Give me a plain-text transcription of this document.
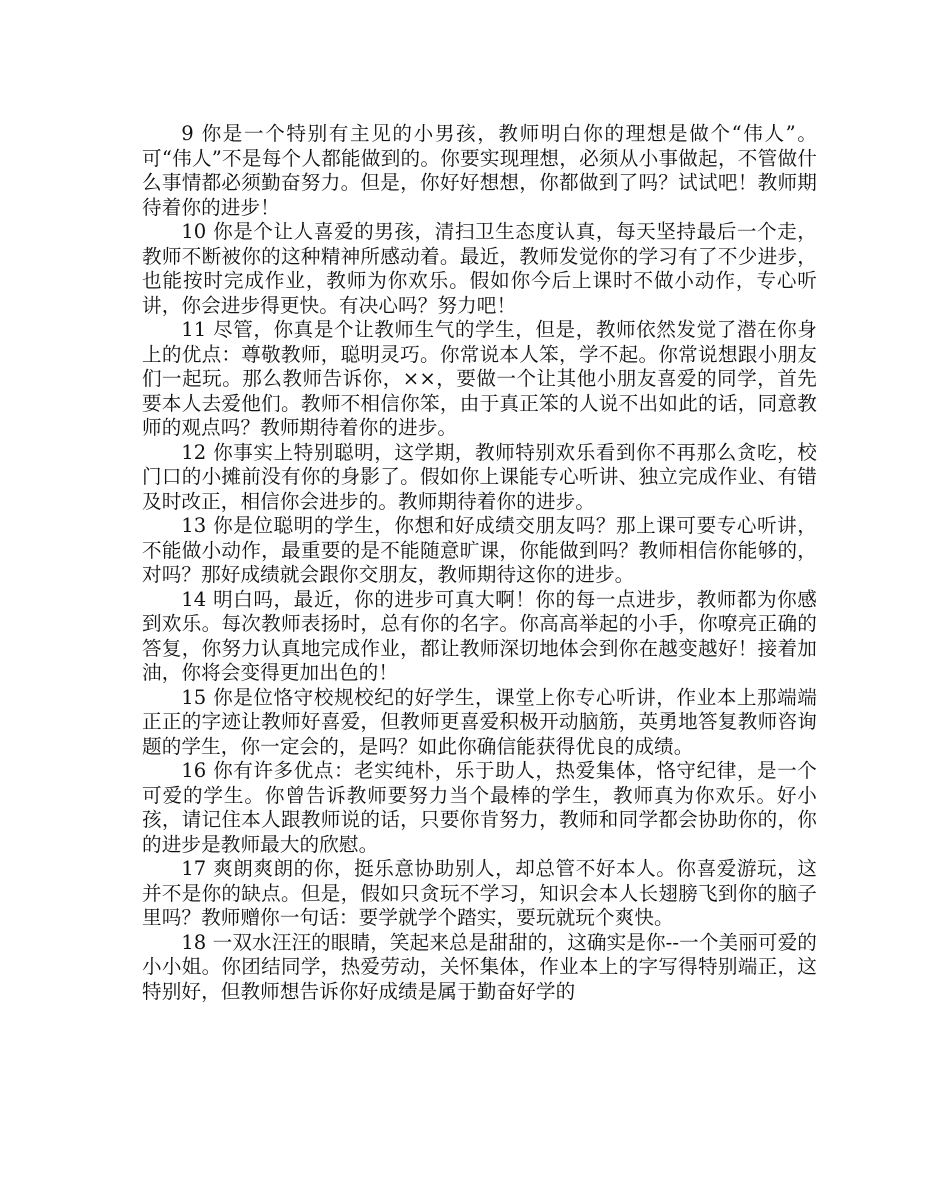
9 你是一个特别有主见的小男孩，教师明白你的理想是做个“伟人”。可“伟人”不是每个人都能做到的。你要实现理想，必须从小事做起，不管做什么事情都必须勤奋努力。但是，你好好想想，你都做到了吗？试试吧！教师期待着你的进步！

10 你是个让人喜爱的男孩，清扫卫生态度认真，每天坚持最后一个走，教师不断被你的这种精神所感动着。最近，教师发觉你的学习有了不少进步，也能按时完成作业，教师为你欢乐。假如你今后上课时不做小动作，专心听讲，你会进步得更快。有决心吗？努力吧！

11 尽管，你真是个让教师生气的学生，但是，教师依然发觉了潜在你身上的优点：尊敬教师，聪明灵巧。你常说本人笨，学不起。你常说想跟小朋友们一起玩。那么教师告诉你，××，要做一个让其他小朋友喜爱的同学，首先要本人去爱他们。教师不相信你笨，由于真正笨的人说不出如此的话，同意教师的观点吗？教师期待着你的进步。

12 你事实上特别聪明，这学期，教师特别欢乐看到你不再那么贪吃，校门口的小摊前没有你的身影了。假如你上课能专心听讲、独立完成作业、有错及时改正，相信你会进步的。教师期待着你的进步。

13 你是位聪明的学生，你想和好成绩交朋友吗？那上课可要专心听讲，不能做小动作，最重要的是不能随意旷课，你能做到吗？教师相信你能够的，对吗？那好成绩就会跟你交朋友，教师期待这你的进步。

14 明白吗，最近，你的进步可真大啊！你的每一点进步，教师都为你感到欢乐。每次教师表扬时，总有你的名字。你高高举起的小手，你嘹亮正确的答复，你努力认真地完成作业，都让教师深切地体会到你在越变越好！接着加油，你将会变得更加出色的！

15 你是位恪守校规校纪的好学生，课堂上你专心听讲，作业本上那端端正正的字迹让教师好喜爱，但教师更喜爱积极开动脑筋，英勇地答复教师咨询题的学生，你一定会的，是吗？如此你确信能获得优良的成绩。

16 你有许多优点：老实纯朴，乐于助人，热爱集体，恪守纪律，是一个可爱的学生。你曾告诉教师要努力当个最棒的学生，教师真为你欢乐。好小孩，请记住本人跟教师说的话，只要你肯努力，教师和同学都会协助你的，你的进步是教师最大的欣慰。

17 爽朗爽朗的你，挺乐意协助别人，却总管不好本人。你喜爱游玩，这并不是你的缺点。但是，假如只贪玩不学习，知识会本人长翅膀飞到你的脑子里吗？教师赠你一句话：要学就学个踏实，要玩就玩个爽快。

18 一双水汪汪的眼睛，笑起来总是甜甜的，这确实是你--一个美丽可爱的小小姐。你团结同学，热爱劳动，关怀集体，作业本上的字写得特别端正，这特别好，但教师想告诉你好成绩是属于勤奋好学的
